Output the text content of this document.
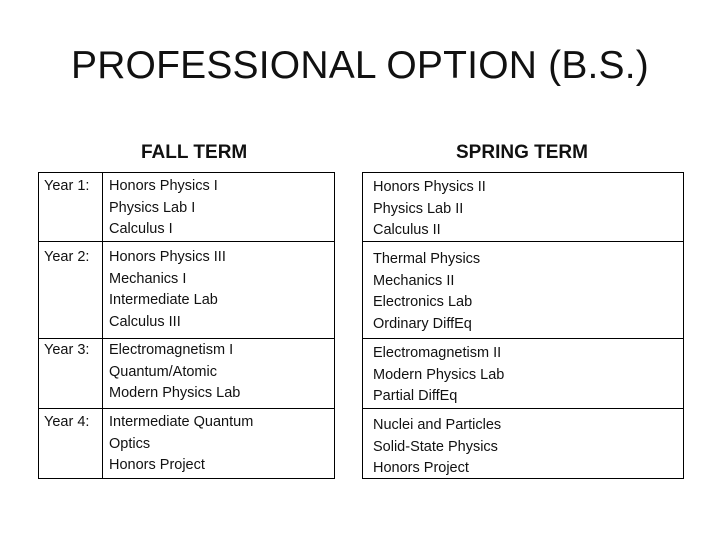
PROFESSIONAL OPTION (B.S.)
FALL TERM	SPRING TERM
Year 1: Honors Physics I
Physics Lab I
Calculus I
Honors Physics II
Physics Lab II
Calculus II
Year 2: Honors Physics III
Mechanics I
Intermediate Lab
Calculus III
Thermal Physics
Mechanics II
Electronics Lab
Ordinary DiffEq
Year 3: Electromagnetism I
Quantum/Atomic
Modern Physics Lab
Electromagnetism II
Modern Physics Lab
Partial DiffEq
Year 4: Intermediate Quantum
Optics
Honors Project
Nuclei and Particles
Solid-State Physics
Honors Project
